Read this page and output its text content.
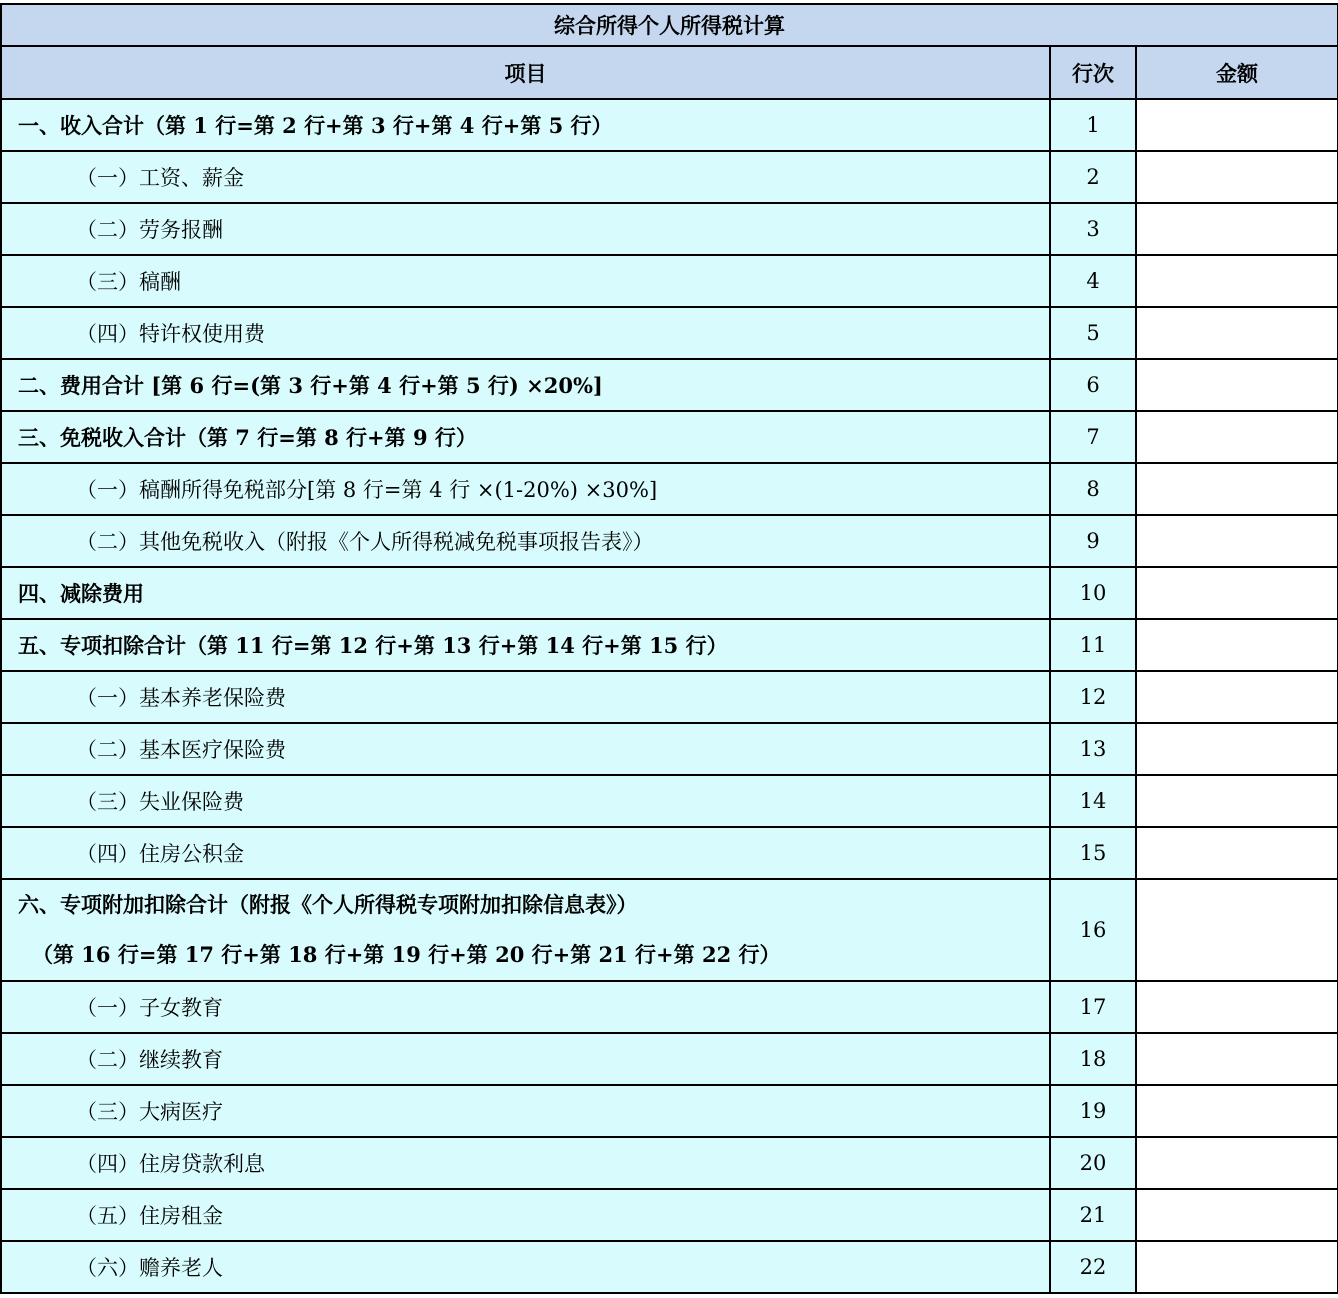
综合所得个人所得税计算		
项目	行次	金额
一、收入合计（第 1 行=第 2 行+第 3 行+第 4 行+第 5 行）	1	
（一）工资、薪金	2	
（二）劳务报酬	3	
（三）稿酬	4	
（四）特许权使用费	5	
二、费用合计 [第 6 行=(第 3 行+第 4 行+第 5 行) ×20%]	6	
三、免税收入合计（第 7 行=第 8 行+第 9 行）	7	
（一）稿酬所得免税部分[第 8 行=第 4 行 ×(1-20%) ×30%]	8	
（二）其他免税收入（附报《个人所得税减免税事项报告表》）	9	
四、减除费用	10	
五、专项扣除合计（第 11 行=第 12 行+第 13 行+第 14 行+第 15 行）	11	
（一）基本养老保险费	12	
（二）基本医疗保险费	13	
（三）失业保险费	14	
（四）住房公积金	15	
六、专项附加扣除合计（附报《个人所得税专项附加扣除信息表》）
（第 16 行=第 17 行+第 18 行+第 19 行+第 20 行+第 21 行+第 22 行）	16	
（一）子女教育	17	
（二）继续教育	18	
（三）大病医疗	19	
（四）住房贷款利息	20	
（五）住房租金	21	
（六）赡养老人	22	
